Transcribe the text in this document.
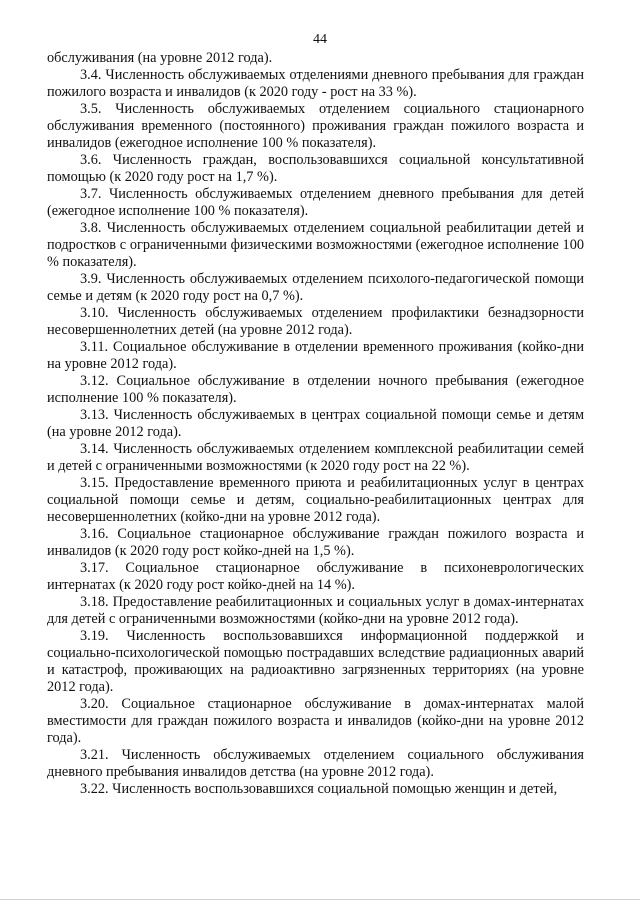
44

обслуживания (на уровне 2012 года).

3.4. Численность обслуживаемых отделениями дневного пребывания для граждан пожилого возраста и инвалидов (к 2020 году - рост на 33 %).

3.5. Численность обслуживаемых отделением социального стационарного обслуживания временного (постоянного) проживания граждан пожилого возраста и инвалидов (ежегодное исполнение 100 % показателя).

3.6. Численность граждан, воспользовавшихся социальной консультативной помощью (к 2020 году рост на 1,7 %).

3.7. Численность обслуживаемых отделением дневного пребывания для детей (ежегодное исполнение 100 % показателя).

3.8. Численность обслуживаемых отделением социальной реабилитации детей и подростков с ограниченными физическими возможностями (ежегодное исполнение 100 % показателя).

3.9. Численность обслуживаемых отделением психолого-педагогической помощи семье и детям (к 2020 году рост на 0,7 %).

3.10. Численность обслуживаемых отделением профилактики безнадзорности несовершеннолетних детей (на уровне 2012 года).

3.11. Социальное обслуживание в отделении временного проживания (койко-дни на уровне 2012 года).

3.12. Социальное обслуживание в отделении ночного пребывания (ежегодное исполнение 100 % показателя).

3.13. Численность обслуживаемых в центрах социальной помощи семье и детям (на уровне 2012 года).

3.14. Численность обслуживаемых отделением комплексной реабилитации семей и детей с ограниченными возможностями (к 2020 году рост на 22 %).

3.15. Предоставление временного приюта и реабилитационных услуг в центрах социальной помощи семье и детям, социально-реабилитационных центрах для несовершеннолетних (койко-дни на уровне 2012 года).

3.16. Социальное стационарное обслуживание граждан пожилого возраста и инвалидов (к 2020 году рост койко-дней на 1,5 %).

3.17. Социальное стационарное обслуживание в психоневрологических интернатах (к 2020 году рост койко-дней на 14 %).

3.18. Предоставление реабилитационных и социальных услуг в домах-интернатах для детей с ограниченными возможностями (койко-дни на уровне 2012 года).

3.19. Численность воспользовавшихся информационной поддержкой и социально-психологической помощью пострадавших вследствие радиационных аварий и катастроф, проживающих на радиоактивно загрязненных территориях (на уровне 2012 года).

3.20. Социальное стационарное обслуживание в домах-интернатах малой вместимости для граждан пожилого возраста и инвалидов (койко-дни на уровне 2012 года).

3.21. Численность обслуживаемых отделением социального обслуживания дневного пребывания инвалидов детства (на уровне 2012 года).

3.22. Численность воспользовавшихся социальной помощью женщин и детей,
